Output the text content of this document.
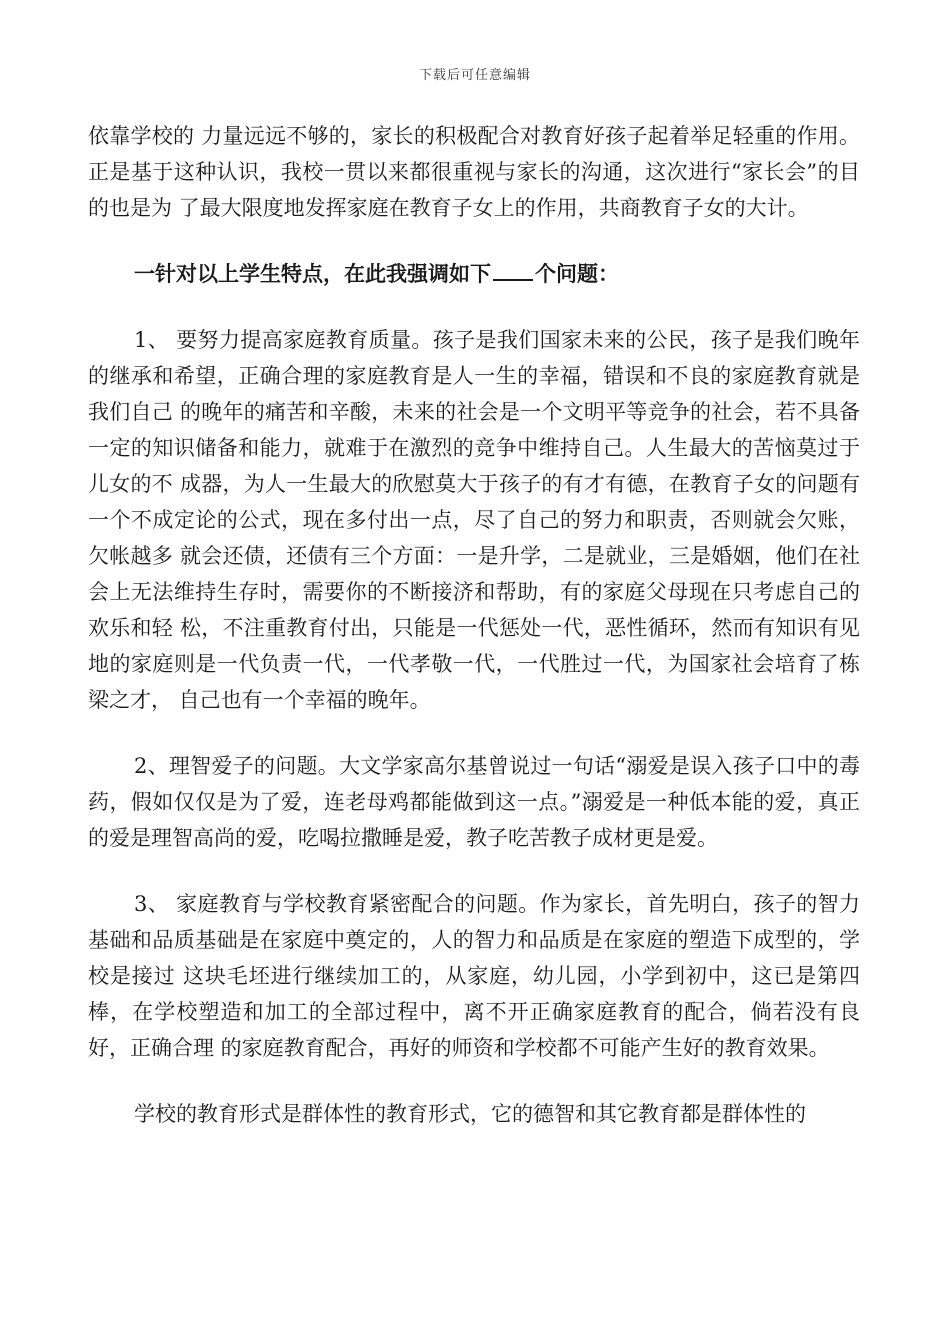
下载后可任意编辑

依靠学校的 力量远远不够的，家长的积极配合对教育好孩子起着举足轻重的作用。正是基于这种认识，我校一贯以来都很重视与家长的沟通，这次进行“家长会”的目的也是为 了最大限度地发挥家庭在教育子女上的作用，共商教育子女的大计。

一针对以上学生特点，在此我强调如下 个问题：

1、 要努力提高家庭教育质量。孩子是我们国家未来的公民，孩子是我们晚年的继承和希望，正确合理的家庭教育是人一生的幸福，错误和不良的家庭教育就是我们自己 的晚年的痛苦和辛酸，未来的社会是一个文明平等竞争的社会，若不具备一定的知识储备和能力，就难于在激烈的竞争中维持自己。人生最大的苦恼莫过于儿女的不 成器，为人一生最大的欣慰莫大于孩子的有才有德，在教育子女的问题有一个不成定论的公式，现在多付出一点，尽了自己的努力和职责，否则就会欠账，欠帐越多 就会还债，还债有三个方面：一是升学，二是就业，三是婚姻，他们在社会上无法维持生存时，需要你的不断接济和帮助，有的家庭父母现在只考虑自己的欢乐和轻 松，不注重教育付出，只能是一代惩处一代，恶性循环，然而有知识有见地的家庭则是一代负责一代，一代孝敬一代，一代胜过一代，为国家社会培育了栋梁之才， 自己也有一个幸福的晚年。

2、理智爱子的问题。大文学家高尔基曾说过一句话“溺爱是误入孩子口中的毒药，假如仅仅是为了爱，连老母鸡都能做到这一点。”溺爱是一种低本能的爱，真正的爱是理智高尚的爱，吃喝拉撒睡是爱，教子吃苦教子成材更是爱。

3、 家庭教育与学校教育紧密配合的问题。作为家长，首先明白，孩子的智力基础和品质基础是在家庭中奠定的，人的智力和品质是在家庭的塑造下成型的，学校是接过 这块毛坯进行继续加工的，从家庭，幼儿园，小学到初中，这已是第四棒，在学校塑造和加工的全部过程中，离不开正确家庭教育的配合，倘若没有良好，正确合理 的家庭教育配合，再好的师资和学校都不可能产生好的教育效果。

学校的教育形式是群体性的教育形式，它的德智和其它教育都是群体性的
